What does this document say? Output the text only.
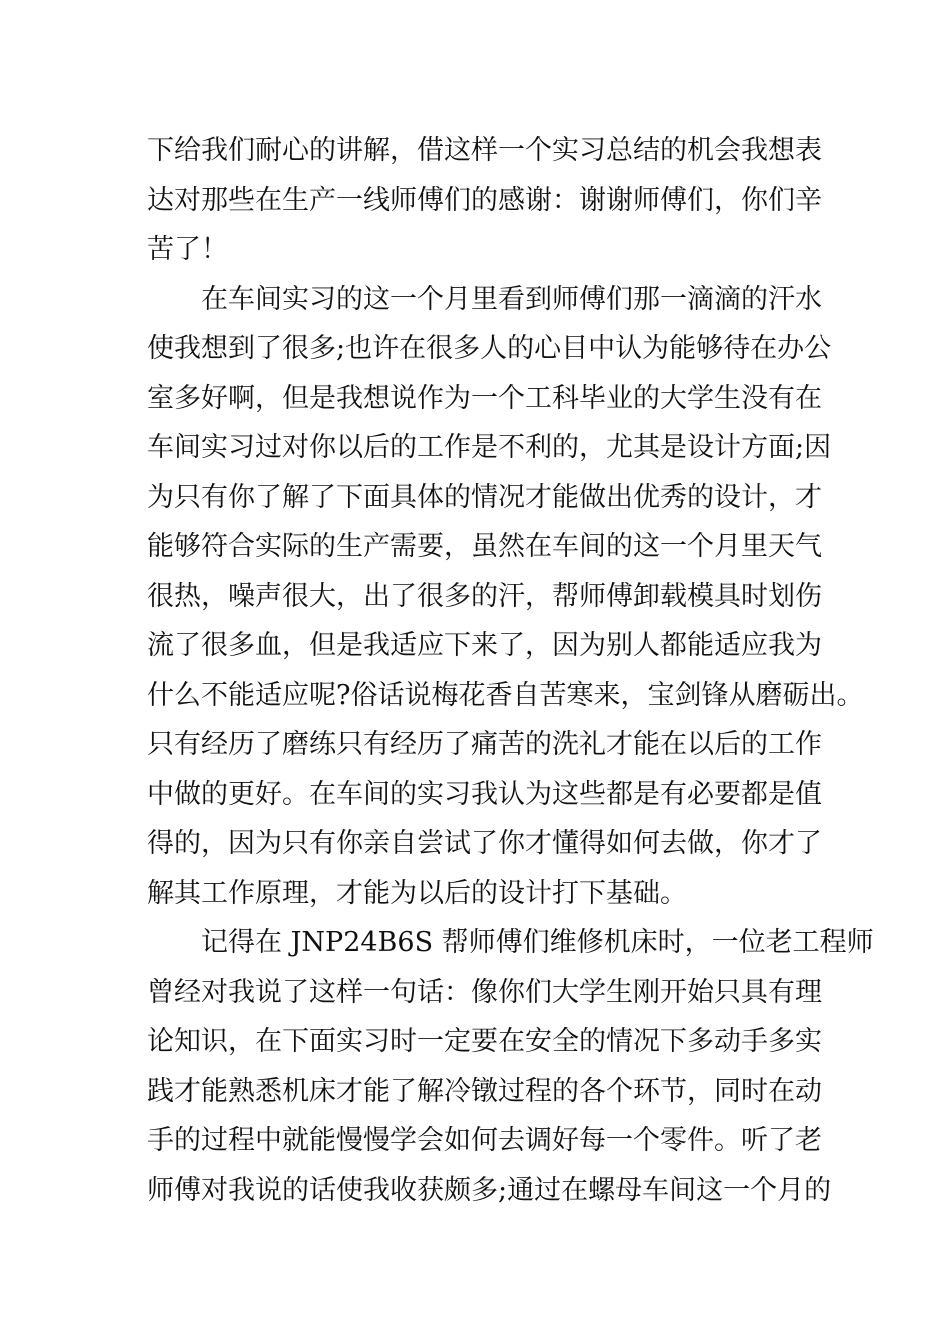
下给我们耐心的讲解，借这样一个实习总结的机会我想表
达对那些在生产一线师傅们的感谢：谢谢师傅们，你们辛
苦了！
在车间实习的这一个月里看到师傅们那一滴滴的汗水
使我想到了很多;也许在很多人的心目中认为能够待在办公
室多好啊，但是我想说作为一个工科毕业的大学生没有在
车间实习过对你以后的工作是不利的，尤其是设计方面;因
为只有你了解了下面具体的情况才能做出优秀的设计，才
能够符合实际的生产需要，虽然在车间的这一个月里天气
很热，噪声很大，出了很多的汗，帮师傅卸载模具时划伤
流了很多血，但是我适应下来了，因为别人都能适应我为
什么不能适应呢?俗话说梅花香自苦寒来，宝剑锋从磨砺出。
只有经历了磨练只有经历了痛苦的洗礼才能在以后的工作
中做的更好。在车间的实习我认为这些都是有必要都是值
得的，因为只有你亲自尝试了你才懂得如何去做，你才了
解其工作原理，才能为以后的设计打下基础。
记得在 JNP24B6S 帮师傅们维修机床时，一位老工程师
曾经对我说了这样一句话：像你们大学生刚开始只具有理
论知识，在下面实习时一定要在安全的情况下多动手多实
践才能熟悉机床才能了解冷镦过程的各个环节，同时在动
手的过程中就能慢慢学会如何去调好每一个零件。听了老
师傅对我说的话使我收获颇多;通过在螺母车间这一个月的
